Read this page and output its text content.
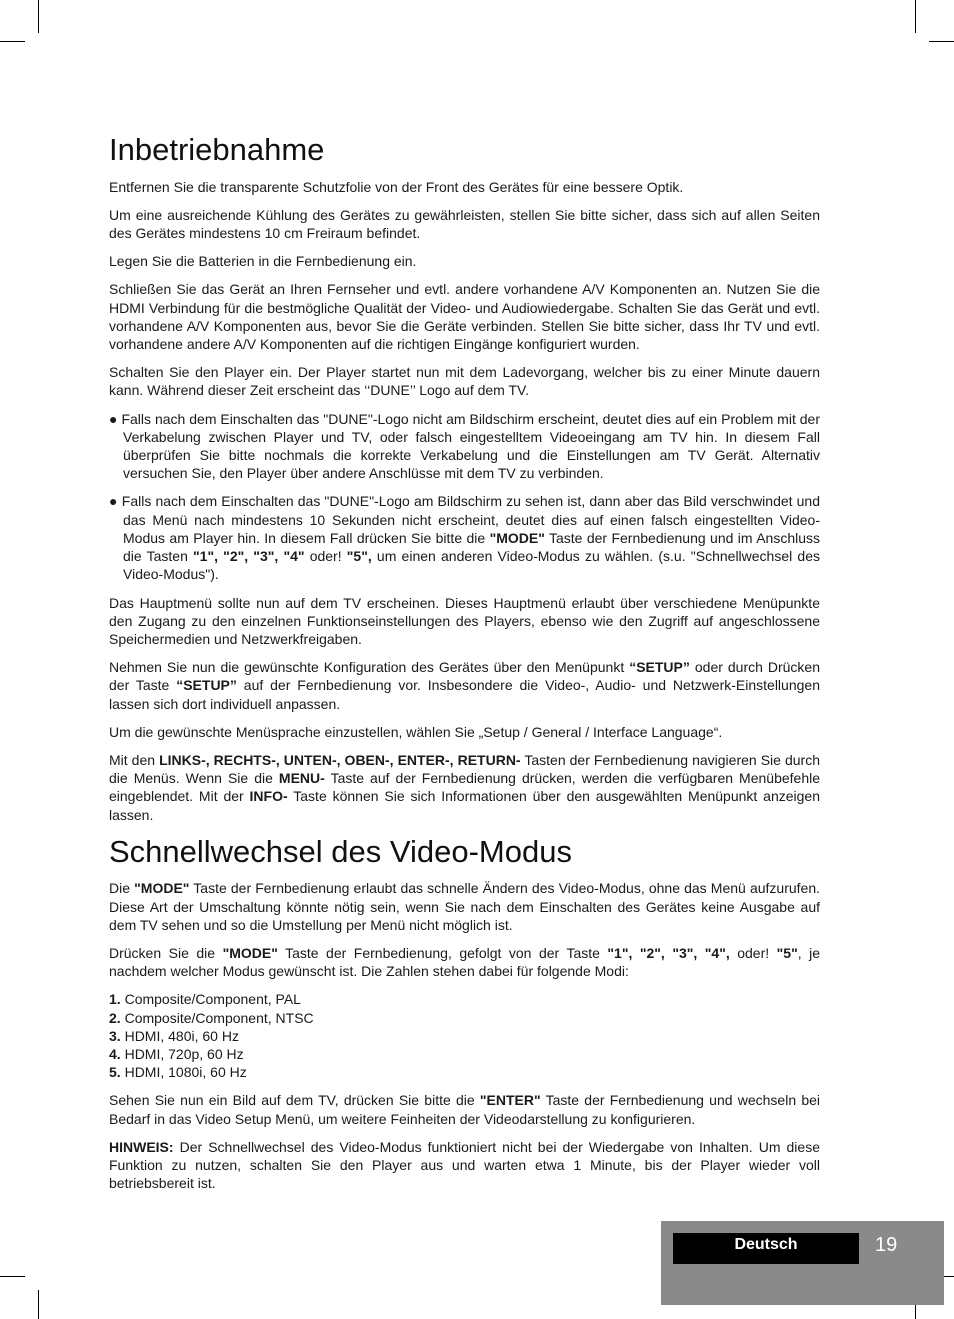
Inbetriebnahme

Entfernen Sie die transparente Schutzfolie von der Front des Gerätes für eine bessere Optik.

Um eine ausreichende Kühlung des Gerätes zu gewährleisten, stellen Sie bitte sicher, dass sich auf allen Seiten des Gerätes mindestens 10 cm Freiraum befindet.

Legen Sie die Batterien in die Fernbedienung ein.

Schließen Sie das Gerät an Ihren Fernseher und evtl. andere vorhandene A/V Komponenten an. Nutzen Sie die HDMI Verbindung für die bestmögliche Qualität der Video- und Audiowiedergabe. Schalten Sie das Gerät und evtl. vorhandene A/V Komponenten aus, bevor Sie die Geräte verbinden. Stellen Sie bitte sicher, dass Ihr TV und evtl. vorhandene andere A/V Komponenten auf die richtigen Eingänge konfiguriert wurden.

Schalten Sie den Player ein. Der Player startet nun mit dem Ladevorgang, welcher bis zu einer Minute dauern kann. Während dieser Zeit erscheint das ‘‘DUNE’’ Logo auf dem TV.

● Falls nach dem Einschalten das "DUNE"-Logo nicht am Bildschirm erscheint, deutet dies auf ein Problem mit der Verkabelung zwischen Player und TV, oder falsch eingestelltem Videoeingang am TV hin. In diesem Fall überprüfen Sie bitte nochmals die korrekte Verkabelung und die Einstellungen am TV Gerät. Alternativ versuchen Sie, den Player über andere Anschlüsse mit dem TV zu verbinden.
● Falls nach dem Einschalten das "DUNE"-Logo am Bildschirm zu sehen ist, dann aber das Bild verschwindet und das Menü nach mindestens 10 Sekunden nicht erscheint, deutet dies auf einen falsch eingestellten Video-Modus am Player hin. In diesem Fall drücken Sie bitte die "MODE" Taste der Fernbedienung und im Anschluss die Tasten "1", "2", "3", "4" oder! "5", um einen anderen Video-Modus zu wählen. (s.u. "Schnellwechsel des Video-Modus").

Das Hauptmenü sollte nun auf dem TV erscheinen. Dieses Hauptmenü erlaubt über verschiedene Menüpunkte den Zugang zu den einzelnen Funktionseinstellungen des Players, ebenso wie den Zugriff auf angeschlossene Speichermedien und Netzwerkfreigaben.

Nehmen Sie nun die gewünschte Konfiguration des Gerätes über den Menüpunkt “SETUP” oder durch Drücken der Taste “SETUP” auf der Fernbedienung vor. Insbesondere die Video-, Audio- und Netzwerk-Einstellungen lassen sich dort individuell anpassen.

Um die gewünschte Menüsprache einzustellen, wählen Sie „Setup / General / Interface Language“.

Mit den LINKS-, RECHTS-, UNTEN-, OBEN-, ENTER-, RETURN- Tasten der Fernbedienung navigieren Sie durch die Menüs. Wenn Sie die MENU- Taste auf der Fernbedienung drücken, werden die verfügbaren Menübefehle eingeblendet. Mit der INFO- Taste können Sie sich Informationen über den ausgewählten Menüpunkt anzeigen lassen.

Schnellwechsel des Video-Modus

Die "MODE" Taste der Fernbedienung erlaubt das schnelle Ändern des Video-Modus, ohne das Menü aufzurufen. Diese Art der Umschaltung könnte nötig sein, wenn Sie nach dem Einschalten des Gerätes keine Ausgabe auf dem TV sehen und so die Umstellung per Menü nicht möglich ist.

Drücken Sie die "MODE" Taste der Fernbedienung, gefolgt von der Taste "1", "2", "3", "4", oder! "5", je nachdem welcher Modus gewünscht ist. Die Zahlen stehen dabei für folgende Modi:

1. Composite/Component, PAL
2. Composite/Component, NTSC
3. HDMI, 480i, 60 Hz
4. HDMI, 720p, 60 Hz
5. HDMI, 1080i, 60 Hz

Sehen Sie nun ein Bild auf dem TV, drücken Sie bitte die "ENTER" Taste der Fernbedienung und wechseln bei Bedarf in das Video Setup Menü, um weitere Feinheiten der Videodarstellung zu konfigurieren.

HINWEIS: Der Schnellwechsel des Video-Modus funktioniert nicht bei der Wiedergabe von Inhalten. Um diese Funktion zu nutzen, schalten Sie den Player aus und warten etwa 1 Minute, bis der Player wieder voll betriebsbereit ist.

Deutsch	19
